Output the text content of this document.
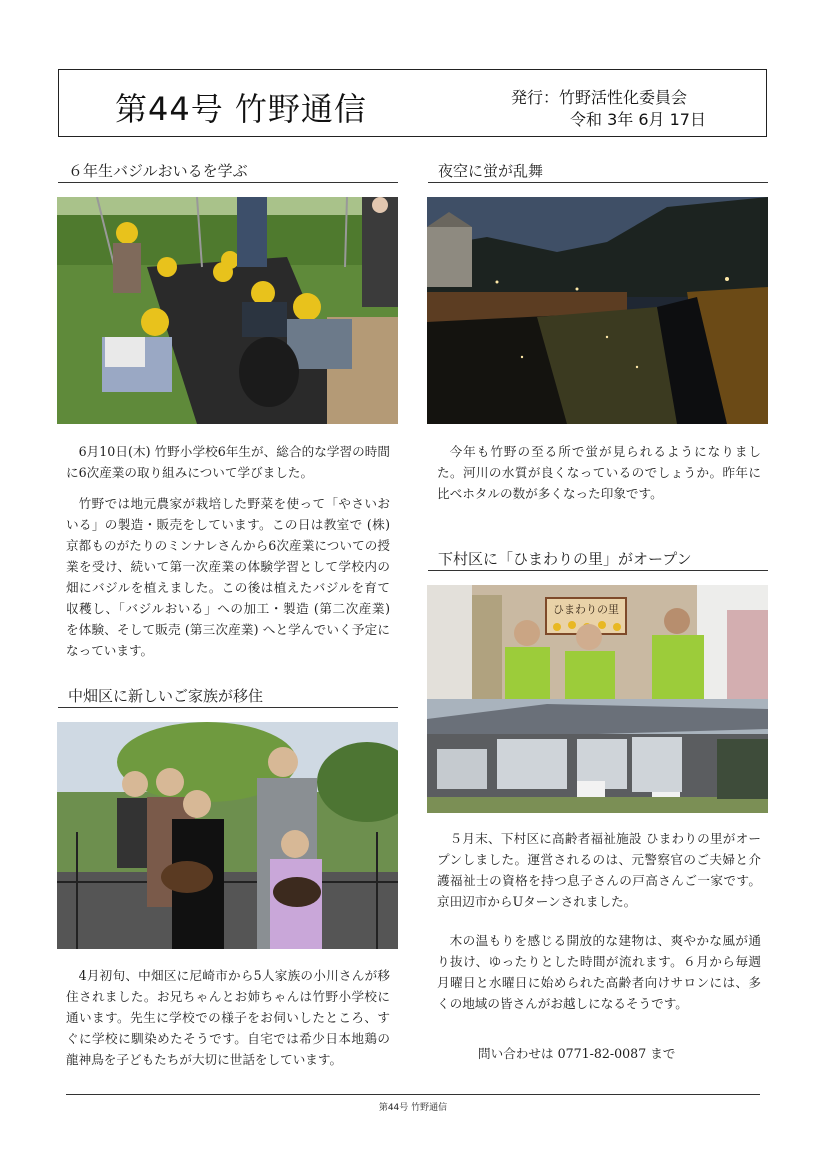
第44号 竹野通信	発行：竹野活性化委員会
令和 3年 6月 17日
６年生バジルおいるを学ぶ

6月10日(木) 竹野小学校6年生が、総合的な学習の時間に6次産業の取り組みについて学びました。

竹野では地元農家が栽培した野菜を使って「やさいおいる」の製造・販売をしています。この日は教室で (株) 京都ものがたりのミンナレさんから6次産業についての授業を受け、続いて第一次産業の体験学習として学校内の畑にバジルを植えました。この後は植えたバジルを育て収穫し、「バジルおいる」への加工・製造 (第二次産業) を体験、そして販売 (第三次産業) へと学んでいく予定になっています。

中畑区に新しいご家族が移住

4月初旬、中畑区に尼崎市から5人家族の小川さんが移住されました。お兄ちゃんとお姉ちゃんは竹野小学校に通います。先生に学校での様子をお伺いしたところ、すぐに学校に馴染めたそうです。自宅では希少日本地鶏の龍神鳥を子どもたちが大切に世話をしています。

夜空に蛍が乱舞

今年も竹野の至る所で蛍が見られるようになりました。河川の水質が良くなっているのでしょうか。昨年に比べホタルの数が多くなった印象です。

下村区に「ひまわりの里」がオープン
ひまわりの里

５月末、下村区に高齢者福祉施設 ひまわりの里がオープンしました。運営されるのは、元警察官のご夫婦と介護福祉士の資格を持つ息子さんの戸高さんご一家です。京田辺市からUターンされました。

木の温もりを感じる開放的な建物は、爽やかな風が通り抜け、ゆったりとした時間が流れます。６月から毎週月曜日と水曜日に始められた高齢者向けサロンには、多くの地域の皆さんがお越しになるそうです。

問い合わせは 0771-82-0087 まで
第44号 竹野通信
